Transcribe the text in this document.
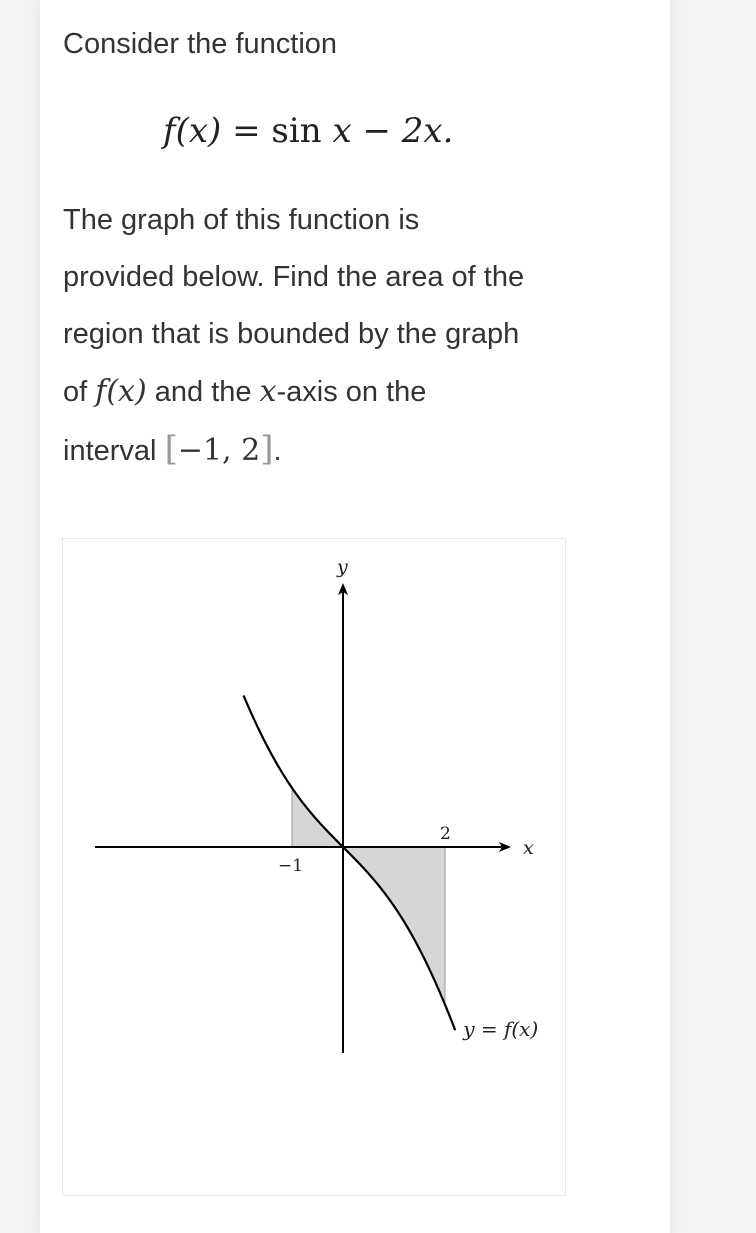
Consider the function

f(x) = sin x − 2x.
The graph of this function is
provided below. Find the area of the
region that is bounded by the graph
of f(x) and the x-axis on the
interval [−1, 2].
x
y
−1
2
y = f(x)
